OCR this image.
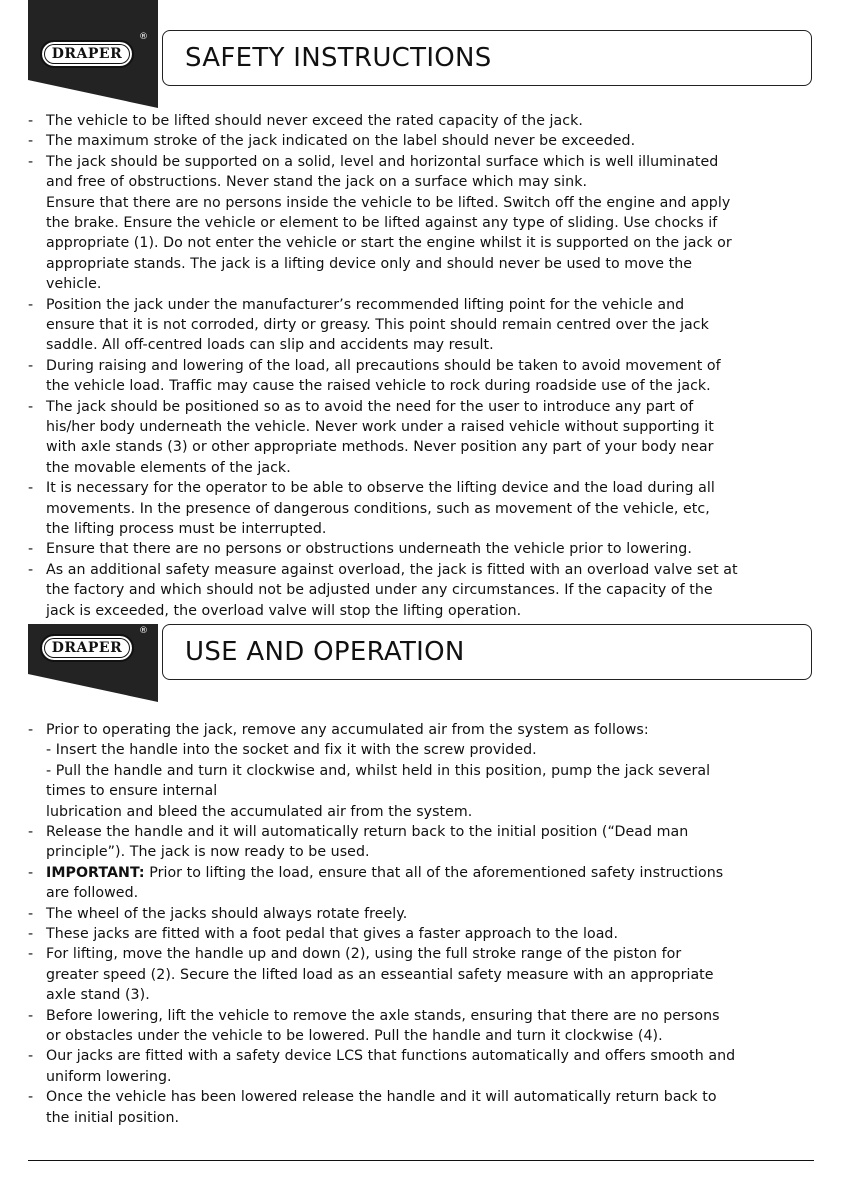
DRAPER
®
SAFETY INSTRUCTIONS
- The vehicle to be lifted should never exceed the rated capacity of the jack.
- The maximum stroke of the jack indicated on the label should never be exceeded.
- The jack should be supported on a solid, level and horizontal surface which is well illuminated
and free of obstructions. Never stand the jack on a surface which may sink.
Ensure that there are no persons inside the vehicle to be lifted. Switch off the engine and apply
the brake. Ensure the vehicle or element to be lifted against any type of sliding. Use chocks if
appropriate (1). Do not enter the vehicle or start the engine whilst it is supported on the jack or
appropriate stands. The jack is a lifting device only and should never be used to move the
vehicle.
- Position the jack under the manufacturer’s recommended lifting point for the vehicle and
ensure that it is not corroded, dirty or greasy. This point should remain centred over the jack
saddle. All off-centred loads can slip and accidents may result.
- During raising and lowering of the load, all precautions should be taken to avoid movement of
the vehicle load. Traffic may cause the raised vehicle to rock during roadside use of the jack.
- The jack should be positioned so as to avoid the need for the user to introduce any part of
his/her body underneath the vehicle. Never work under a raised vehicle without supporting it
with axle stands (3) or other appropriate methods. Never position any part of your body near
the movable elements of the jack.
- It is necessary for the operator to be able to observe the lifting device and the load during all
movements. In the presence of dangerous conditions, such as movement of the vehicle, etc,
the lifting process must be interrupted.
- Ensure that there are no persons or obstructions underneath the vehicle prior to lowering.
- As an additional safety measure against overload, the jack is fitted with an overload valve set at
the factory and which should not be adjusted under any circumstances. If the capacity of the
jack is exceeded, the overload valve will stop the lifting operation.
DRAPER
®
USE AND OPERATION
- Prior to operating the jack, remove any accumulated air from the system as follows:
- Insert the handle into the socket and fix it with the screw provided.
- Pull the handle and turn it clockwise and, whilst held in this position, pump the jack several
times to ensure internal
lubrication and bleed the accumulated air from the system.
- Release the handle and it will automatically return back to the initial position (“Dead man
principle”). The jack is now ready to be used.
- IMPORTANT: Prior to lifting the load, ensure that all of the aforementioned safety instructions
are followed.
- The wheel of the jacks should always rotate freely.
- These jacks are fitted with a foot pedal that gives a faster approach to the load.
- For lifting, move the handle up and down (2), using the full stroke range of the piston for
greater speed (2). Secure the lifted load as an esseantial safety measure with an appropriate
axle stand (3).
- Before lowering, lift the vehicle to remove the axle stands, ensuring that there are no persons
or obstacles under the vehicle to be lowered. Pull the handle and turn it clockwise (4).
- Our jacks are fitted with a safety device LCS that functions automatically and offers smooth and
uniform lowering.
- Once the vehicle has been lowered release the handle and it will automatically return back to
the initial position.
